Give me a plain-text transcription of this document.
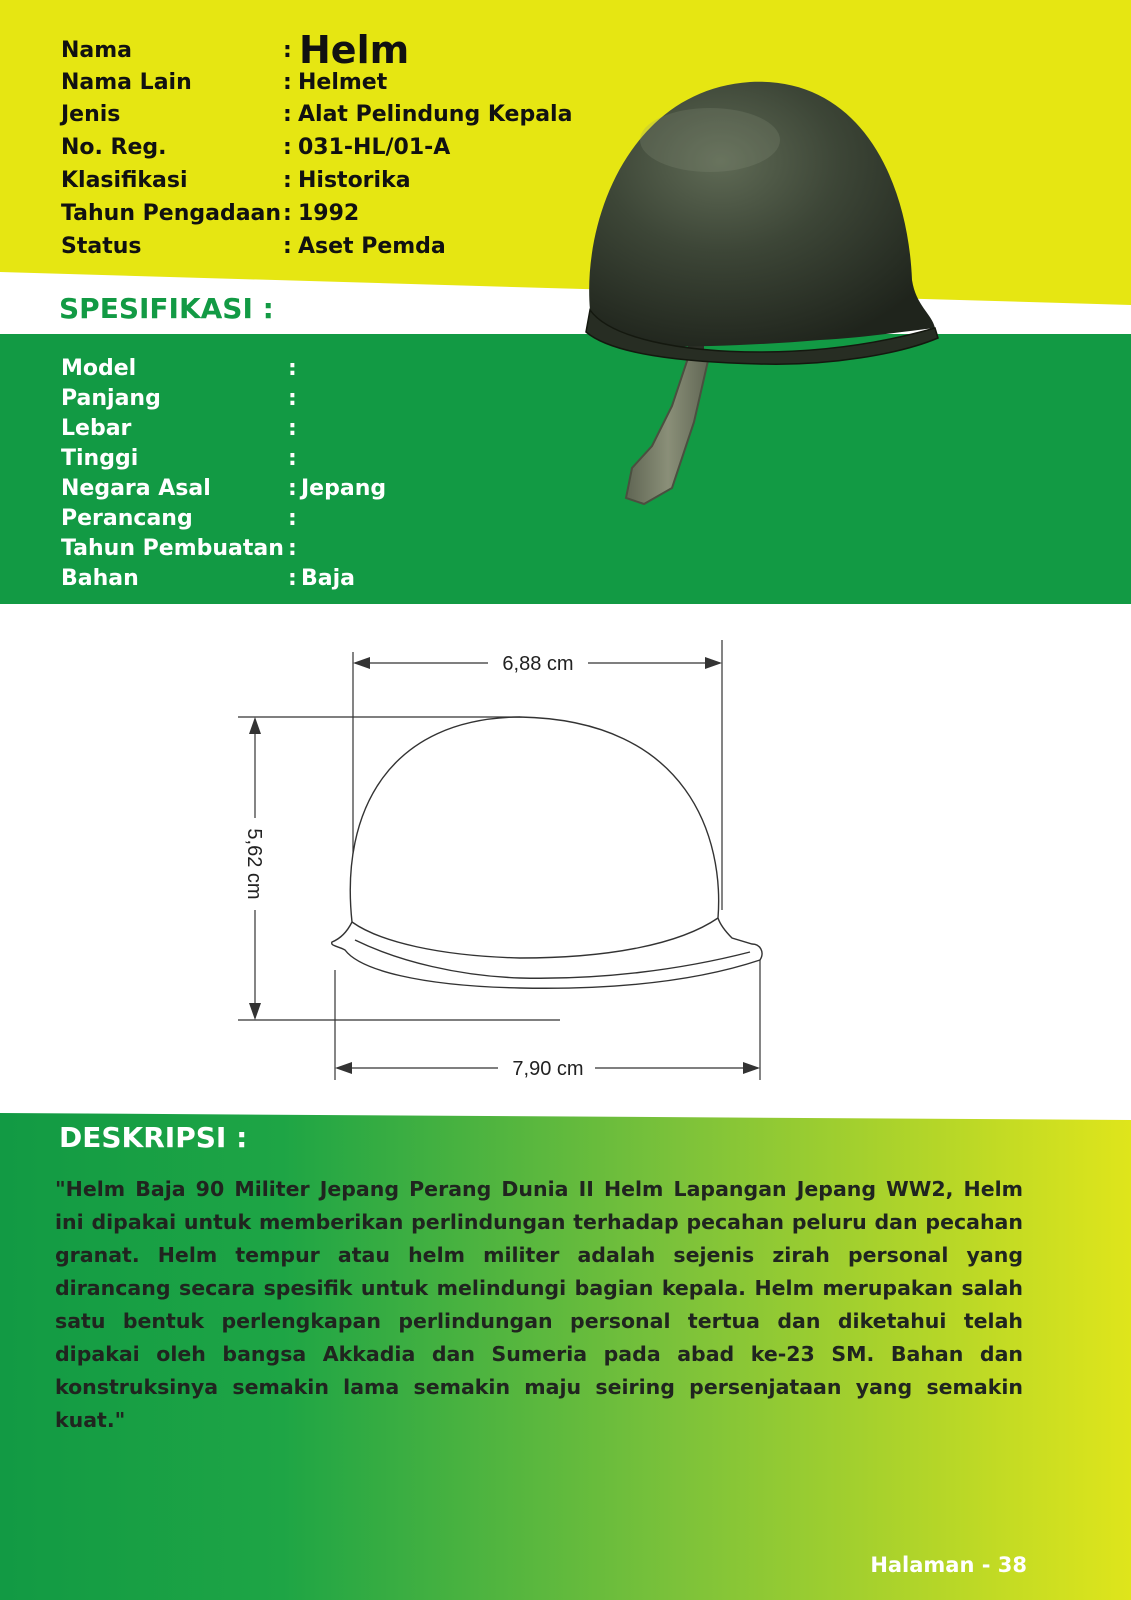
Nama	: Helm
Nama Lain	: Helmet
Jenis	: Alat Pelindung Kepala
No. Reg.	: 031-HL/01-A
Klasifikasi	: Historika
Tahun Pengadaan : 1992
Status	: Aset Pemda
SPESIFIKASI :
Model	:
Panjang	:
Lebar	:
Tinggi	:
Negara Asal	: Jepang
Perancang	:
Tahun Pembuatan :
Bahan	: Baja
6,88 cm
7,90 cm
5,62 cm
DESKRIPSI :
"Helm Baja 90 Militer Jepang Perang Dunia II Helm Lapangan Jepang WW2, Helm ini dipakai untuk memberikan perlindungan terhadap pecahan peluru dan pecahan granat. Helm tempur atau helm militer adalah sejenis zirah personal yang dirancang secara spesifik untuk melindungi bagian kepala. Helm merupakan salah satu bentuk perlengkapan perlindungan personal tertua dan diketahui telah dipakai oleh bangsa Akkadia dan Sumeria pada abad ke-23 SM. Bahan dan konstruksinya semakin lama semakin maju seiring persenjataan yang semakin kuat."
Halaman - 38
